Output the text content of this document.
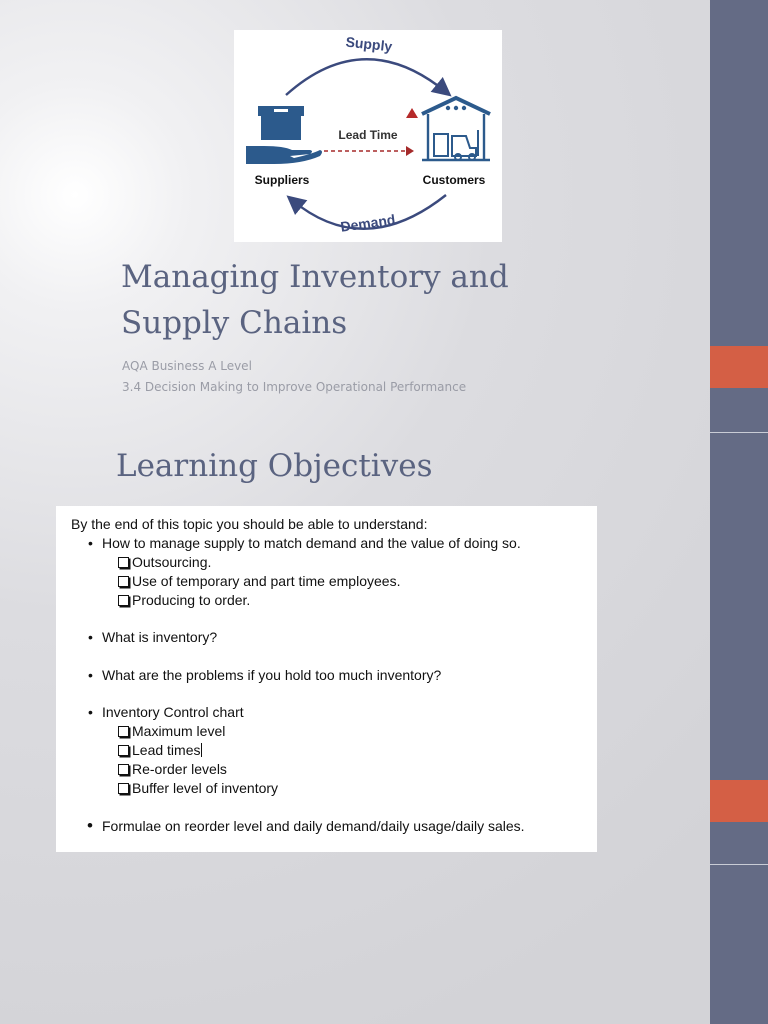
Supply
Demand
Lead Time
Suppliers	Customers
Managing Inventory and
Supply Chains
AQA Business A Level
3.4 Decision Making to Improve Operational Performance
Learning Objectives
By the end of this topic you should be able to understand:
• How to manage supply to match demand and the value of doing so.
Outsourcing.
Use of temporary and part time employees.
Producing to order.
• What is inventory?
• What are the problems if you hold too much inventory?
• Inventory Control chart
Maximum level
Lead times
Re-order levels
Buffer level of inventory
• Formulae on reorder level and daily demand/daily usage/daily sales.
